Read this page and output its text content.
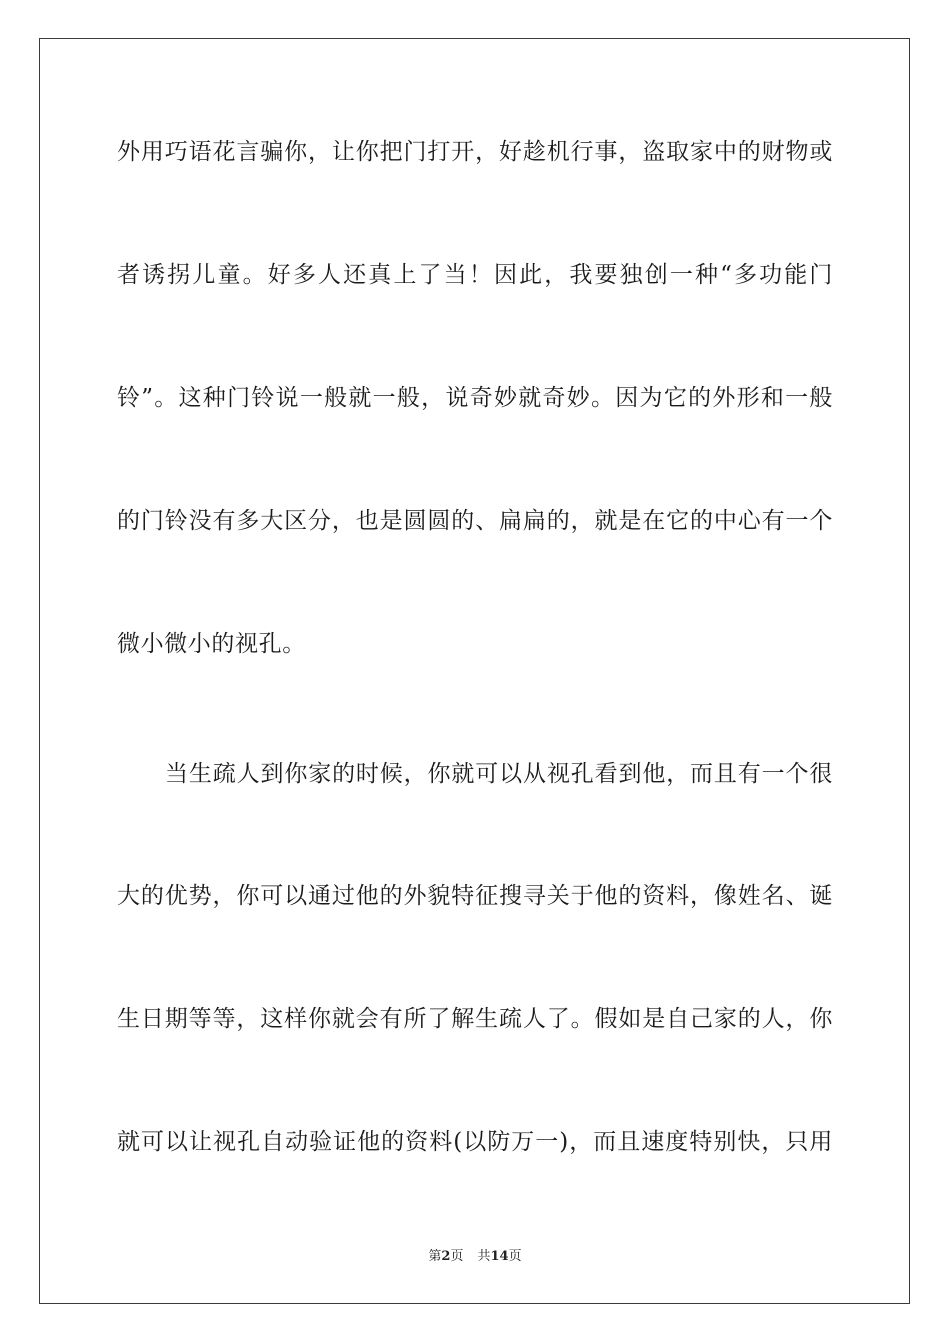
外用巧语花言骗你，让你把门打开，好趁机行事，盗取家中的财物或
者诱拐儿童。好多人还真上了当！因此，我要独创一种“多功能门
铃”。这种门铃说一般就一般，说奇妙就奇妙。因为它的外形和一般
的门铃没有多大区分，也是圆圆的、扁扁的，就是在它的中心有一个
微小微小的视孔。
当生疏人到你家的时候，你就可以从视孔看到他，而且有一个很
大的优势，你可以通过他的外貌特征搜寻关于他的资料，像姓名、诞
生日期等等，这样你就会有所了解生疏人了。假如是自己家的人，你
就可以让视孔自动验证他的资料(以防万一)，而且速度特别快，只用
第2页 共14页
